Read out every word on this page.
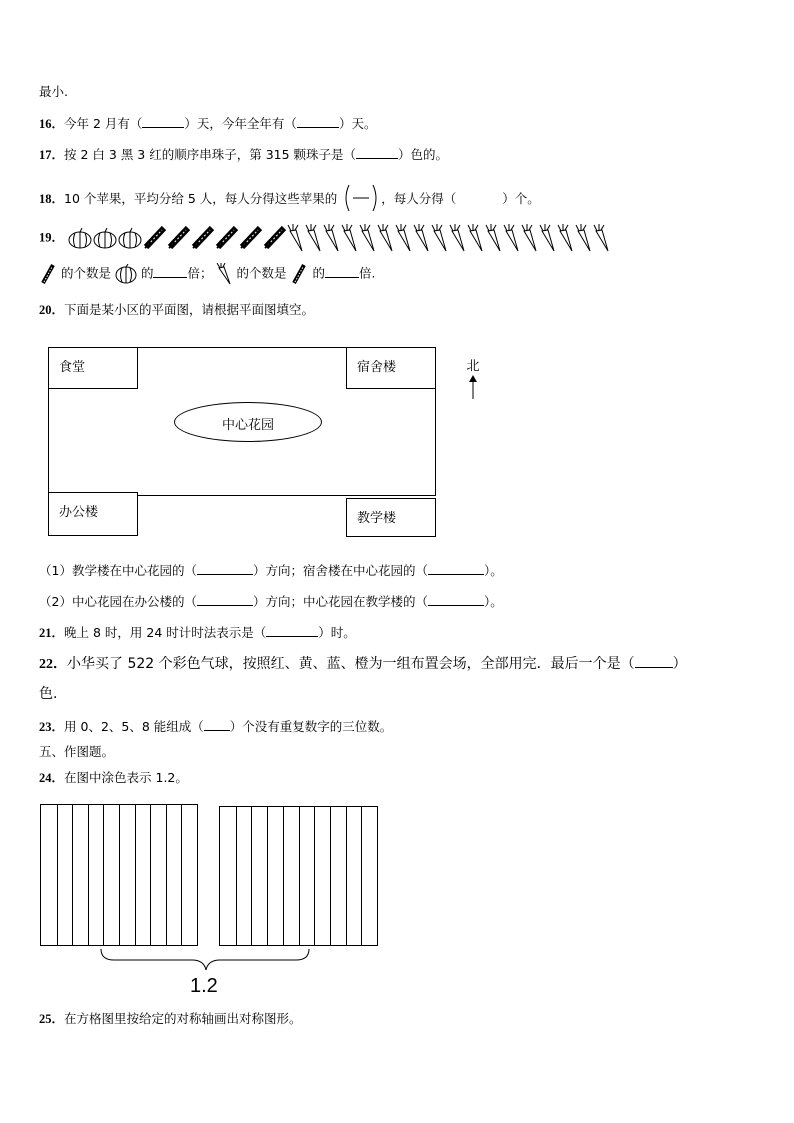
最小.
16．今年 2 月有（	）天，今年全年有（	）天。
17．按 2 白 3 黑 3 红的顺序串珠子，第 315 颗珠子是（	）色的。
18．10 个苹果，平均分给 5 人，每人分得这些苹果的	，每人分得（	）个。
19．
的个数是 的	倍； 的个数是 的	倍.
20．下面是某小区的平面图，请根据平面图填空。
食堂	宿舍楼
中心花园
办公楼	教学楼
北
（1）教学楼在中心花园的（	）方向；宿舍楼在中心花园的（	）。
（2）中心花园在办公楼的（	）方向；中心花园在教学楼的（	）。
21．晚上 8 时，用 24 时计时法表示是（	）时。
22．小华买了 522 个彩色气球，按照红、黄、蓝、橙为一组布置会场，全部用完．最后一个是（	）
色.
23．用 0、2、5、8 能组成（ ）个没有重复数字的三位数。
五、作图题。
24．在图中涂色表示 1.2。
1.2
25．在方格图里按给定的对称轴画出对称图形。
